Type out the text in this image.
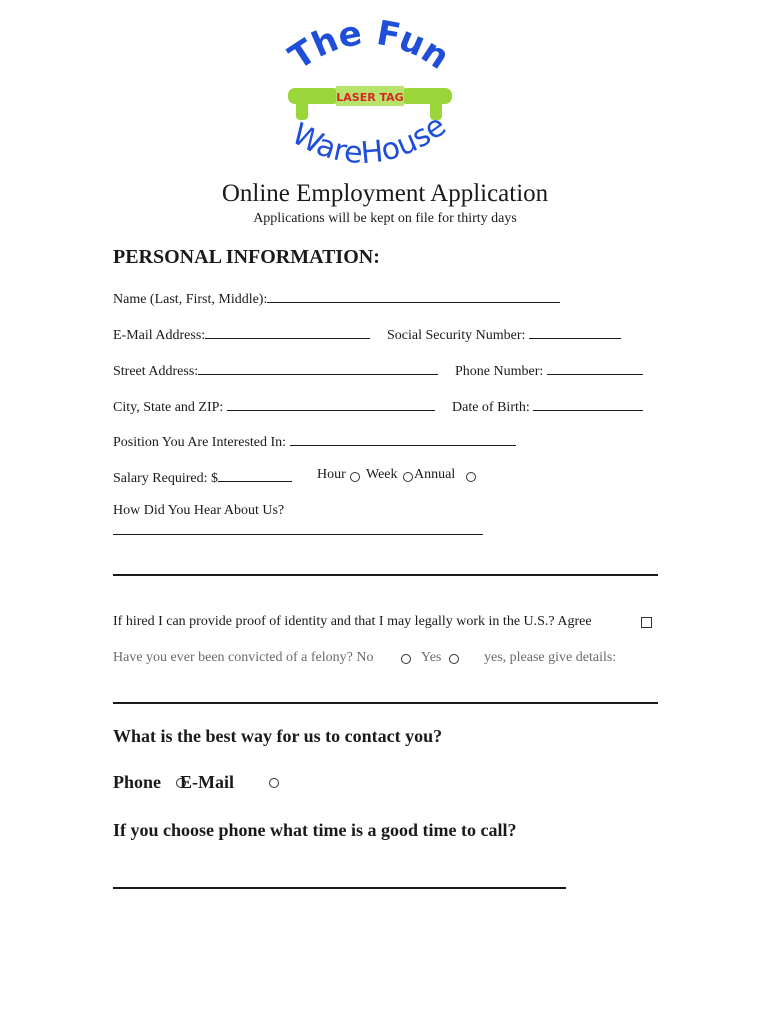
The Fun
LASER TAG
WareHouse
Online Employment Application
Applications will be kept on file for thirty days
PERSONAL INFORMATION:
Name (Last, First, Middle):
E-Mail Address:	Social Security Number:
Street Address:	Phone Number:
City, State and ZIP:	Date of Birth:
Position You Are Interested In:
Salary Required: $	Hour Week Annual
How Did You Hear About Us?
If hired I can provide proof of identity and that I may legally work in the U.S.? Agree
Have you ever been convicted of a felony? No	Yes	yes, please give details:
What is the best way for us to contact you?
Phone E-Mail
If you choose phone what time is a good time to call?
